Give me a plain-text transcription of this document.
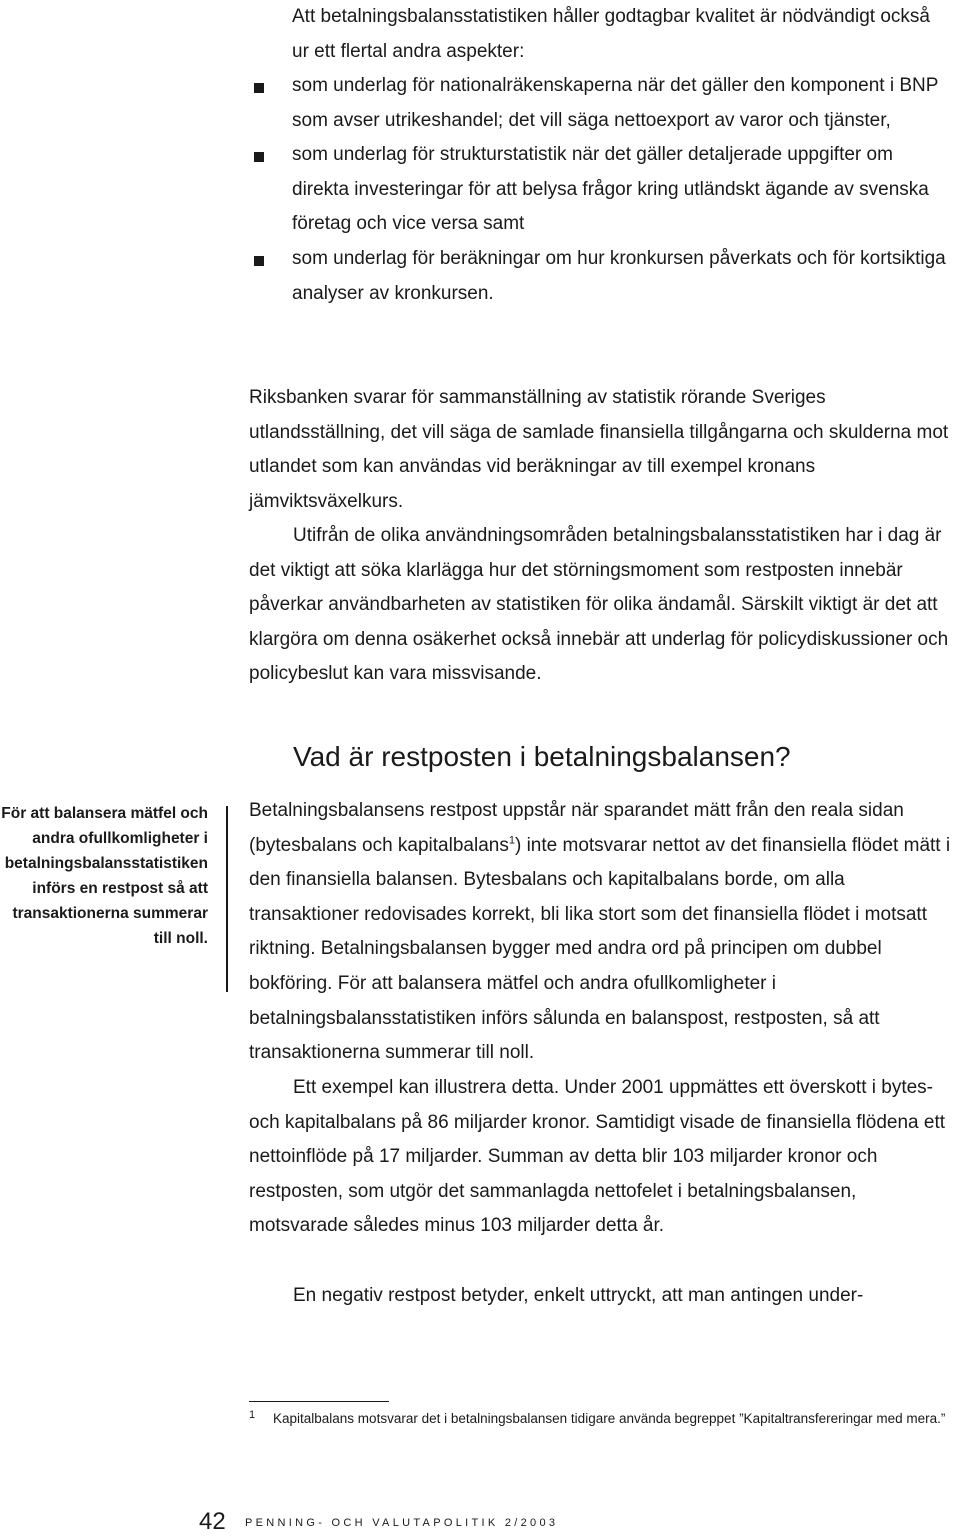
Att betalningsbalansstatistiken håller godtagbar kvalitet är nödvändigt också ur ett flertal andra aspekter:

som underlag för nationalräkenskaperna när det gäller den komponent i BNP som avser utrikeshandel; det vill säga nettoexport av varor och tjänster,
som underlag för strukturstatistik när det gäller detaljerade uppgifter om direkta investeringar för att belysa frågor kring utländskt ägande av svenska företag och vice versa samt
som underlag för beräkningar om hur kronkursen påverkats och för kortsiktiga analyser av kronkursen.

Riksbanken svarar för sammanställning av statistik rörande Sveriges utlandsställning, det vill säga de samlade finansiella tillgångarna och skulderna mot utlandet som kan användas vid beräkningar av till exempel kronans jämviktsväxelkurs.

Utifrån de olika användningsområden betalningsbalansstatistiken har i dag är det viktigt att söka klarlägga hur det störningsmoment som restposten innebär påverkar användbarheten av statistiken för olika ändamål. Särskilt viktigt är det att klargöra om denna osäkerhet också innebär att underlag för policydiskussioner och policybeslut kan vara missvisande.

Vad är restposten i betalningsbalansen?

För att balansera mätfel och andra ofullkomligheter i betalningsbalansstatistiken införs en restpost så att transaktionerna summerar till noll.

Betalningsbalansens restpost uppstår när sparandet mätt från den reala sidan (bytesbalans och kapitalbalans$^1$) inte motsvarar nettot av det finansiella flödet mätt i den finansiella balansen. Bytesbalans och kapitalbalans borde, om alla transaktioner redovisades korrekt, bli lika stort som det finansiella flödet i motsatt riktning. Betalningsbalansen bygger med andra ord på principen om dubbel bokföring. För att balansera mätfel och andra ofullkomligheter i betalningsbalansstatistiken införs sålunda en balanspost, restposten, så att transaktionerna summerar till noll.

Ett exempel kan illustrera detta. Under 2001 uppmättes ett överskott i bytes- och kapitalbalans på 86 miljarder kronor. Samtidigt visade de finansiella flödena ett nettoinflöde på 17 miljarder. Summan av detta blir 103 miljarder kronor och restposten, som utgör det sammanlagda nettofelet i betalningsbalansen, motsvarade således minus 103 miljarder detta år.

En negativ restpost betyder, enkelt uttryckt, att man antingen under-

1 Kapitalbalans motsvarar det i betalningsbalansen tidigare använda begreppet ”Kapitaltransfereringar med mera.”

42 PENNING- OCH VALUTAPOLITIK 2/2003
